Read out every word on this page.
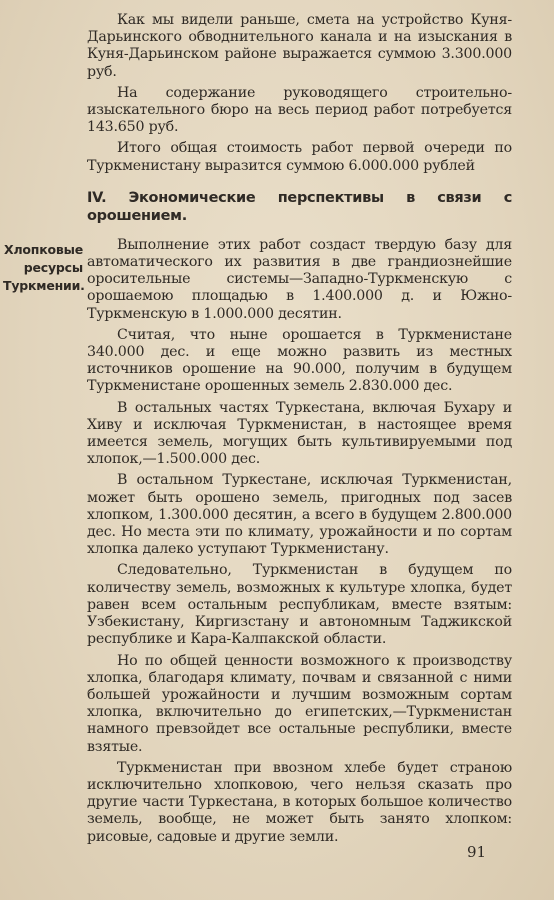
Как мы видели раньше, смета на устройство Куня-Дарьинского обводнительного канала и на изыскания в Куня-Дарьинском районе выражается суммою 3.300.000 руб.

На содержание руководящего строительно-изыскательного бюро на весь период работ потребуется 143.650 руб.

Итого общая стоимость работ первой очереди по Туркменистану выразится суммою 6.000.000 рублей

IV. Экономические перспективы в связи с орошением.

Выполнение этих работ создаст твердую базу для автоматического их развития в две грандиознейшие оросительные системы—Западно-Туркменскую с орошаемою площадью в 1.400.000 д. и Южно-Туркменскую в 1.000.000 десятин.

Считая, что ныне орошается в Туркменистане 340.000 дес. и еще можно развить из местных источников орошение на 90.000, получим в будущем Туркменистане орошенных земель 2.830.000 дес.

В остальных частях Туркестана, включая Бухару и Хиву и исключая Туркменистан, в настоящее время имеется земель, могущих быть культивируемыми под хлопок,—1.500.000 дес.

В остальном Туркестане, исключая Туркменистан, может быть орошено земель, пригодных под засев хлопком, 1.300.000 десятин, а всего в будущем 2.800.000 дес. Но места эти по климату, урожайности и по сортам хлопка далеко уступают Туркменистану.

Следовательно, Туркменистан в будущем по количеству земель, возможных к культуре хлопка, будет равен всем остальным республикам, вместе взятым: Узбекистану, Киргизстану и автономным Таджикской республике и Кара-Калпакской области.

Но по общей ценности возможного к производству хлопка, благодаря климату, почвам и связанной с ними большей урожайности и лучшим возможным сортам хлопка, включительно до египетских,—Туркменистан намного превзойдет все остальные республики, вместе взятые.

Туркменистан при ввозном хлебе будет страною исключительно хлопковою, чего нельзя сказать про другие части Туркестана, в которых большое количество земель, вообще, не может быть занято хлопком: рисовые, садовые и другие земли.

Хлопковые
ресурсы
Туркмении.
91
